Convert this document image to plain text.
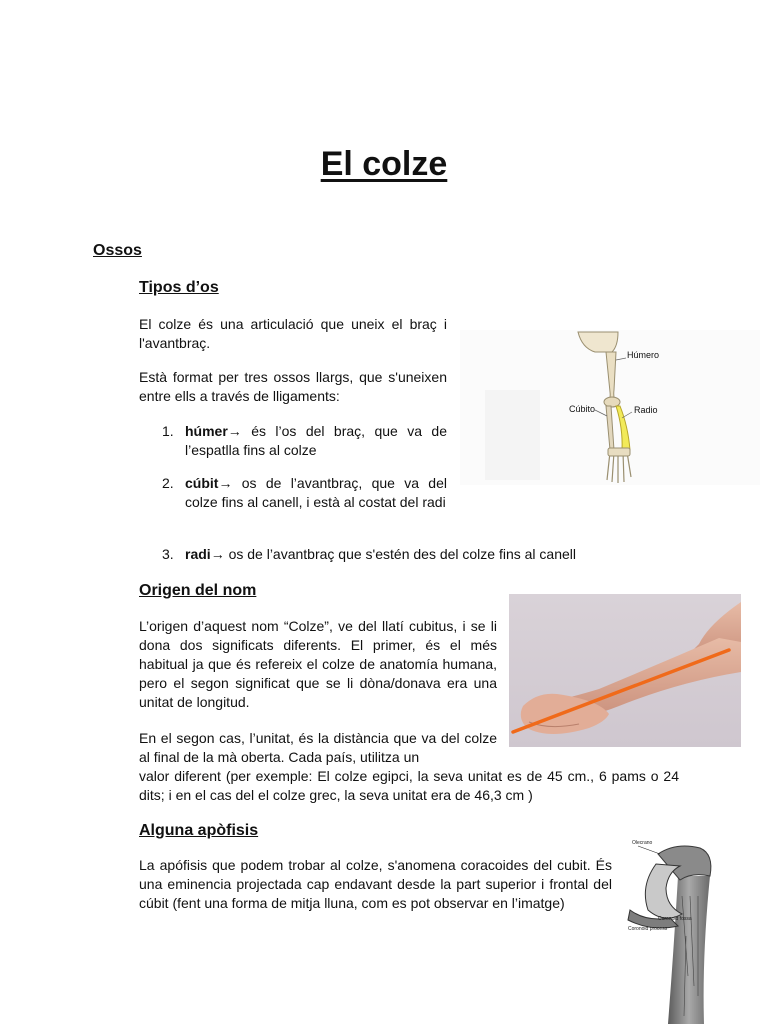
El colze
Ossos
Tipos d’os
El colze és una articulació que uneix el braç i l'avantbraç.
Està format per tres ossos llargs, que s'uneixen entre ells a través de lligaments:
1. húmer→ és l’os del braç, que va de l’espatlla fins al colze
2. cúbit→ os de l’avantbraç, que va del colze fins al canell, i està al costat del radi
3. radi→ os de l’avantbraç que s'estén des del colze fins al canell
Húmero
Cúbito	Radio
Origen del nom
L’origen d’aquest nom “Colze”, ve del llatí cubitus, i se li dona dos significats diferents. El primer, és el més habitual ja que és refereix el colze de anatomía humana, pero el segon significat que se li dòna/donava era una unitat de longitud.
En el segon cas, l’unitat, és la distància que va del colze al final de la mà oberta. Cada país, utilitza un
valor diferent (per exemple: El colze egipci, la seva unitat es de 45 cm., 6 pams o 24 dits; i en el cas del el colze grec, la seva unitat era de 46,3 cm )
Alguna apòfisis
La apófisis que podem trobar al colze, s'anomena coracoides del cubit. És una eminencia projectada cap endavant desde la part superior i frontal del cúbit (fent una forma de mitja lluna, com es pot observar en l’imatge)
Olecrano
Coronoid fossa
Coronoid process
